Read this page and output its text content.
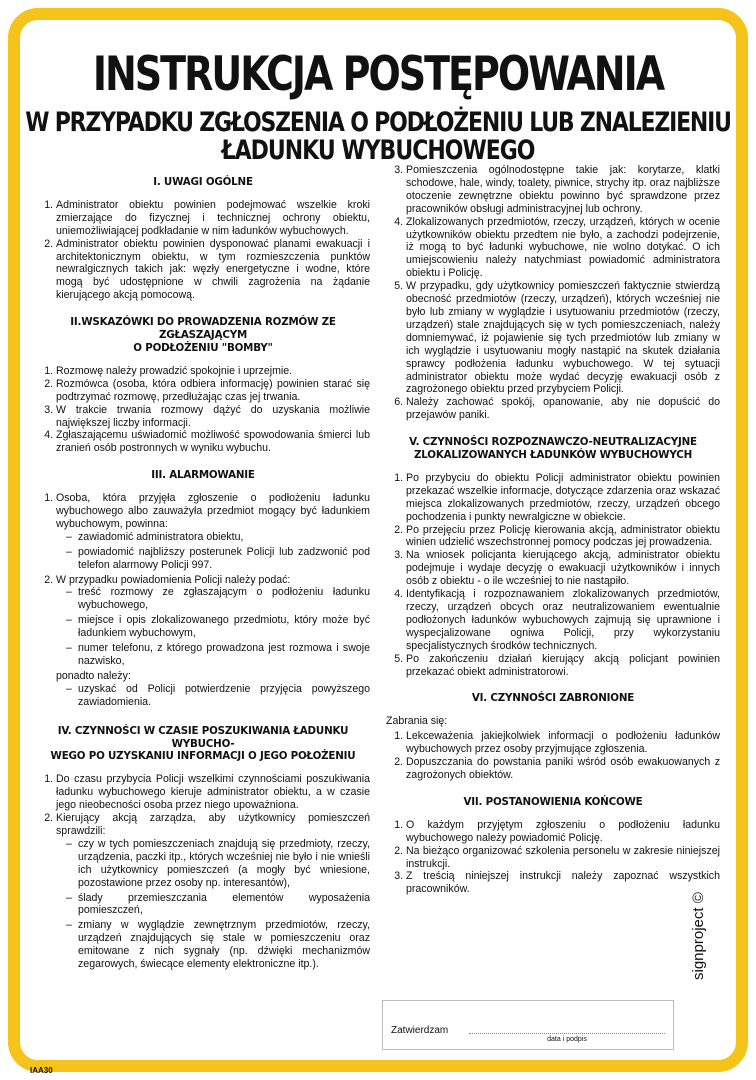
INSTRUKCJA POSTĘPOWANIA
W PRZYPADKU ZGŁOSZENIA O PODŁOŻENIU LUB ZNALEZIENIU
ŁADUNKU WYBUCHOWEGO
I. UWAGI OGÓLNE
1. Administrator obiektu powinien podejmować wszelkie kroki zmierzające do fizycznej i technicznej ochrony obiektu, uniemożliwiającej podkładanie w nim ładunków wybuchowych.
2. Administrator obiektu powinien dysponować planami ewakuacji i architektonicznym obiektu, w tym rozmieszczenia punktów newralgicznych takich jak: węzły energetyczne i wodne, które mogą być udostępnione w chwili zagrożenia na żądanie kierującego akcją pomocową.
II.WSKAZÓWKI DO PROWADZENIA ROZMÓW ZE ZGŁASZAJĄCYM
O PODŁOŻENIU "BOMBY"
1. Rozmowę należy prowadzić spokojnie i uprzejmie.
2. Rozmówca (osoba, która odbiera informację) powinien starać się podtrzymać rozmowę, przedłużając czas jej trwania.
3. W trakcie trwania rozmowy dążyć do uzyskania możliwie największej liczby informacji.
4. Zgłaszającemu uświadomić możliwość spowodowania śmierci lub zranień osób postronnych w wyniku wybuchu.
III. ALARMOWANIE
1. Osoba, która przyjęła zgłoszenie o podłożeniu ładunku wybuchowego albo zauważyła przedmiot mogący być ładunkiem wybuchowym, powinna:
– zawiadomić administratora obiektu,
– powiadomić najbliższy posterunek Policji lub zadzwonić pod telefon alarmowy Policji 997.
2. W przypadku powiadomienia Policji należy podać:
– treść rozmowy ze zgłaszającym o podłożeniu ładunku wybuchowego,
– miejsce i opis zlokalizowanego przedmiotu, który może być ładunkiem wybuchowym,
– numer telefonu, z którego prowadzona jest rozmowa i swoje nazwisko,
ponadto należy:
– uzyskać od Policji potwierdzenie przyjęcia powyższego zawiadomienia.
IV. CZYNNOŚCI W CZASIE POSZUKIWANIA ŁADUNKU WYBUCHO-
WEGO PO UZYSKANIU INFORMACJI O JEGO POŁOŻENIU
1. Do czasu przybycia Policji wszelkimi czynnościami poszukiwania ładunku wybuchowego kieruje administrator obiektu, a w czasie jego nieobecności osoba przez niego upoważniona.
2. Kierujący akcją zarządza, aby użytkownicy pomieszczeń sprawdzili:
– czy w tych pomieszczeniach znajdują się przedmioty, rzeczy, urządzenia, paczki itp., których wcześniej nie było i nie wnieśli ich użytkownicy pomieszczeń (a mogły być wniesione, pozostawione przez osoby np. interesantów),
– ślady przemieszczania elementów wyposażenia pomieszczeń,
– zmiany w wyglądzie zewnętrznym przedmiotów, rzeczy, urządzeń znajdujących się stale w pomieszczeniu oraz emitowane z nich sygnały (np. dźwięki mechanizmów zegarowych, świecące elementy elektroniczne itp.).
3. Pomieszczenia ogólnodostępne takie jak: korytarze, klatki schodowe, hale, windy, toalety, piwnice, strychy itp. oraz najbliższe otoczenie zewnętrzne obiektu powinno być sprawdzone przez pracowników obsługi administracyjnej lub ochrony.
4. Zlokalizowanych przedmiotów, rzeczy, urządzeń, których w ocenie użytkowników obiektu przedtem nie było, a zachodzi podejrzenie, iż mogą to być ładunki wybuchowe, nie wolno dotykać. O ich umiejscowieniu należy natychmiast powiadomić administratora obiektu i Policję.
5. W przypadku, gdy użytkownicy pomieszczeń faktycznie stwierdzą obecność przedmiotów (rzeczy, urządzeń), których wcześniej nie było lub zmiany w wyglądzie i usytuowaniu przedmiotów (rzeczy, urządzeń) stale znajdujących się w tych pomieszczeniach, należy domniemywać, iż pojawienie się tych przedmiotów lub zmiany w ich wyglądzie i usytuowaniu mogły nastąpić na skutek działania sprawcy podłożenia ładunku wybuchowego. W tej sytuacji administrator obiektu może wydać decyzję ewakuacji osób z zagrożonego obiektu przed przybyciem Policji.
6. Należy zachować spokój, opanowanie, aby nie dopuścić do przejawów paniki.
V. CZYNNOŚCI ROZPOZNAWCZO-NEUTRALIZACYJNE
ZLOKALIZOWANYCH ŁADUNKÓW WYBUCHOWYCH
1. Po przybyciu do obiektu Policji administrator obiektu powinien przekazać wszelkie informacje, dotyczące zdarzenia oraz wskazać miejsca zlokalizowanych przedmiotów, rzeczy, urządzeń obcego pochodzenia i punkty newralgiczne w obiekcie.
2. Po przejęciu przez Policję kierowania akcją, administrator obiektu winien udzielić wszechstronnej pomocy podczas jej prowadzenia.
3. Na wniosek policjanta kierującego akcją, administrator obiektu podejmuje i wydaje decyzję o ewakuacji użytkowników i innych osób z obiektu - o ile wcześniej to nie nastąpiło.
4. Identyfikacją i rozpoznawaniem zlokalizowanych przedmiotów, rzeczy, urządzeń obcych oraz neutralizowaniem ewentualnie podłożonych ładunków wybuchowych zajmują się uprawnione i wyspecjalizowane ogniwa Policji, przy wykorzystaniu specjalistycznych środków technicznych.
5. Po zakończeniu działań kierujący akcją policjant powinien przekazać obiekt administratorowi.
VI. CZYNNOŚCI ZABRONIONE
Zabrania się:
1. Lekceważenia jakiejkolwiek informacji o podłożeniu ładunków wybuchowych przez osoby przyjmujące zgłoszenia.
2. Dopuszczania do powstania paniki wśród osób ewakuowanych z zagrożonych obiektów.
VII. POSTANOWIENIA KOŃCOWE
1. O każdym przyjętym zgłoszeniu o podłożeniu ładunku wybuchowego należy powiadomić Policję.
2. Na bieżąco organizować szkolenia personelu w zakresie niniejszej instrukcji.
3. Z treścią niniejszej instrukcji należy zapoznać wszystkich pracowników.
Zatwierdzam
data i podpis
signproject ©
IAA30
